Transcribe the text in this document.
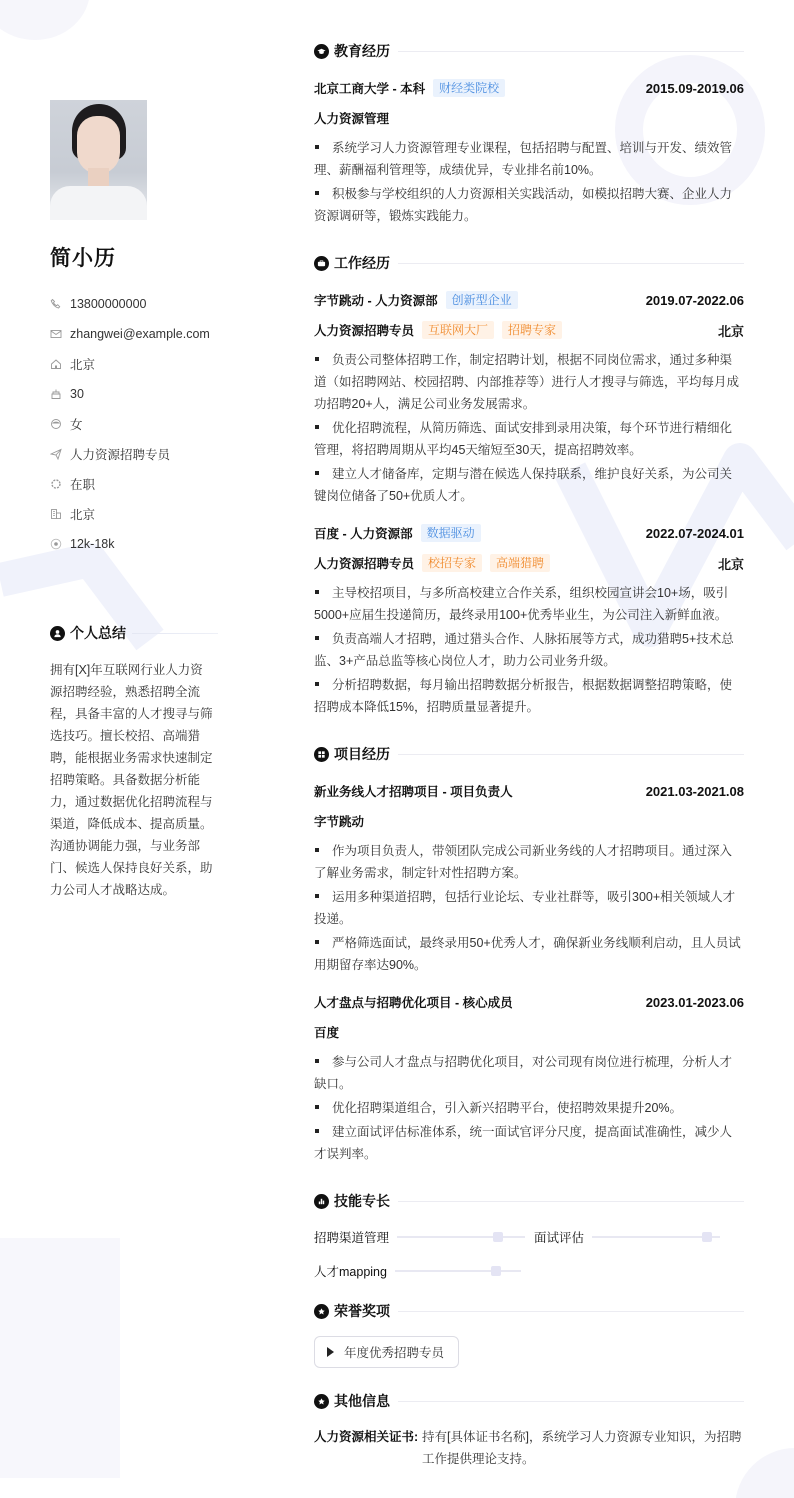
简小历
13800000000
zhangwei@example.com
北京
30
女
人力资源招聘专员
在职
北京
12k-18k
个人总结
拥有[X]年互联网行业人力资源招聘经验，熟悉招聘全流程，具备丰富的人才搜寻与筛选技巧。擅长校招、高端猎聘，能根据业务需求快速制定招聘策略。具备数据分析能力，通过数据优化招聘流程与渠道，降低成本、提高质量。沟通协调能力强，与业务部门、候选人保持良好关系，助力公司人才战略达成。
教育经历
北京工商大学 - 本科	财经类院校	2015.09-2019.06
人力资源管理
系统学习人力资源管理专业课程，包括招聘与配置、培训与开发、绩效管理、薪酬福利管理等，成绩优异，专业排名前10%。
积极参与学校组织的人力资源相关实践活动，如模拟招聘大赛、企业人力资源调研等，锻炼实践能力。
工作经历
字节跳动 - 人力资源部	创新型企业	2019.07-2022.06
人力资源招聘专员	互联网大厂	招聘专家	北京
负责公司整体招聘工作，制定招聘计划，根据不同岗位需求，通过多种渠道（如招聘网站、校园招聘、内部推荐等）进行人才搜寻与筛选，平均每月成功招聘20+人，满足公司业务发展需求。
优化招聘流程，从简历筛选、面试安排到录用决策，每个环节进行精细化管理，将招聘周期从平均45天缩短至30天，提高招聘效率。
建立人才储备库，定期与潜在候选人保持联系，维护良好关系，为公司关键岗位储备了50+优质人才。
百度 - 人力资源部	数据驱动	2022.07-2024.01
人力资源招聘专员	校招专家	高端猎聘	北京
主导校招项目，与多所高校建立合作关系，组织校园宣讲会10+场，吸引5000+应届生投递简历，最终录用100+优秀毕业生，为公司注入新鲜血液。
负责高端人才招聘，通过猎头合作、人脉拓展等方式，成功猎聘5+技术总监、3+产品总监等核心岗位人才，助力公司业务升级。
分析招聘数据，每月输出招聘数据分析报告，根据数据调整招聘策略，使招聘成本降低15%，招聘质量显著提升。
项目经历
新业务线人才招聘项目 - 项目负责人	2021.03-2021.08
字节跳动
作为项目负责人，带领团队完成公司新业务线的人才招聘项目。通过深入了解业务需求，制定针对性招聘方案。
运用多种渠道招聘，包括行业论坛、专业社群等，吸引300+相关领域人才投递。
严格筛选面试，最终录用50+优秀人才，确保新业务线顺利启动，且人员试用期留存率达90%。
人才盘点与招聘优化项目 - 核心成员	2023.01-2023.06
百度
参与公司人才盘点与招聘优化项目，对公司现有岗位进行梳理，分析人才缺口。
优化招聘渠道组合，引入新兴招聘平台，使招聘效果提升20%。
建立面试评估标准体系，统一面试官评分尺度，提高面试准确性，减少人才误判率。
技能专长
招聘渠道管理	面试评估
人才mapping
荣誉奖项
年度优秀招聘专员
其他信息
人力资源相关证书: 持有[具体证书名称]，系统学习人力资源专业知识，为招聘工作提供理论支持。
